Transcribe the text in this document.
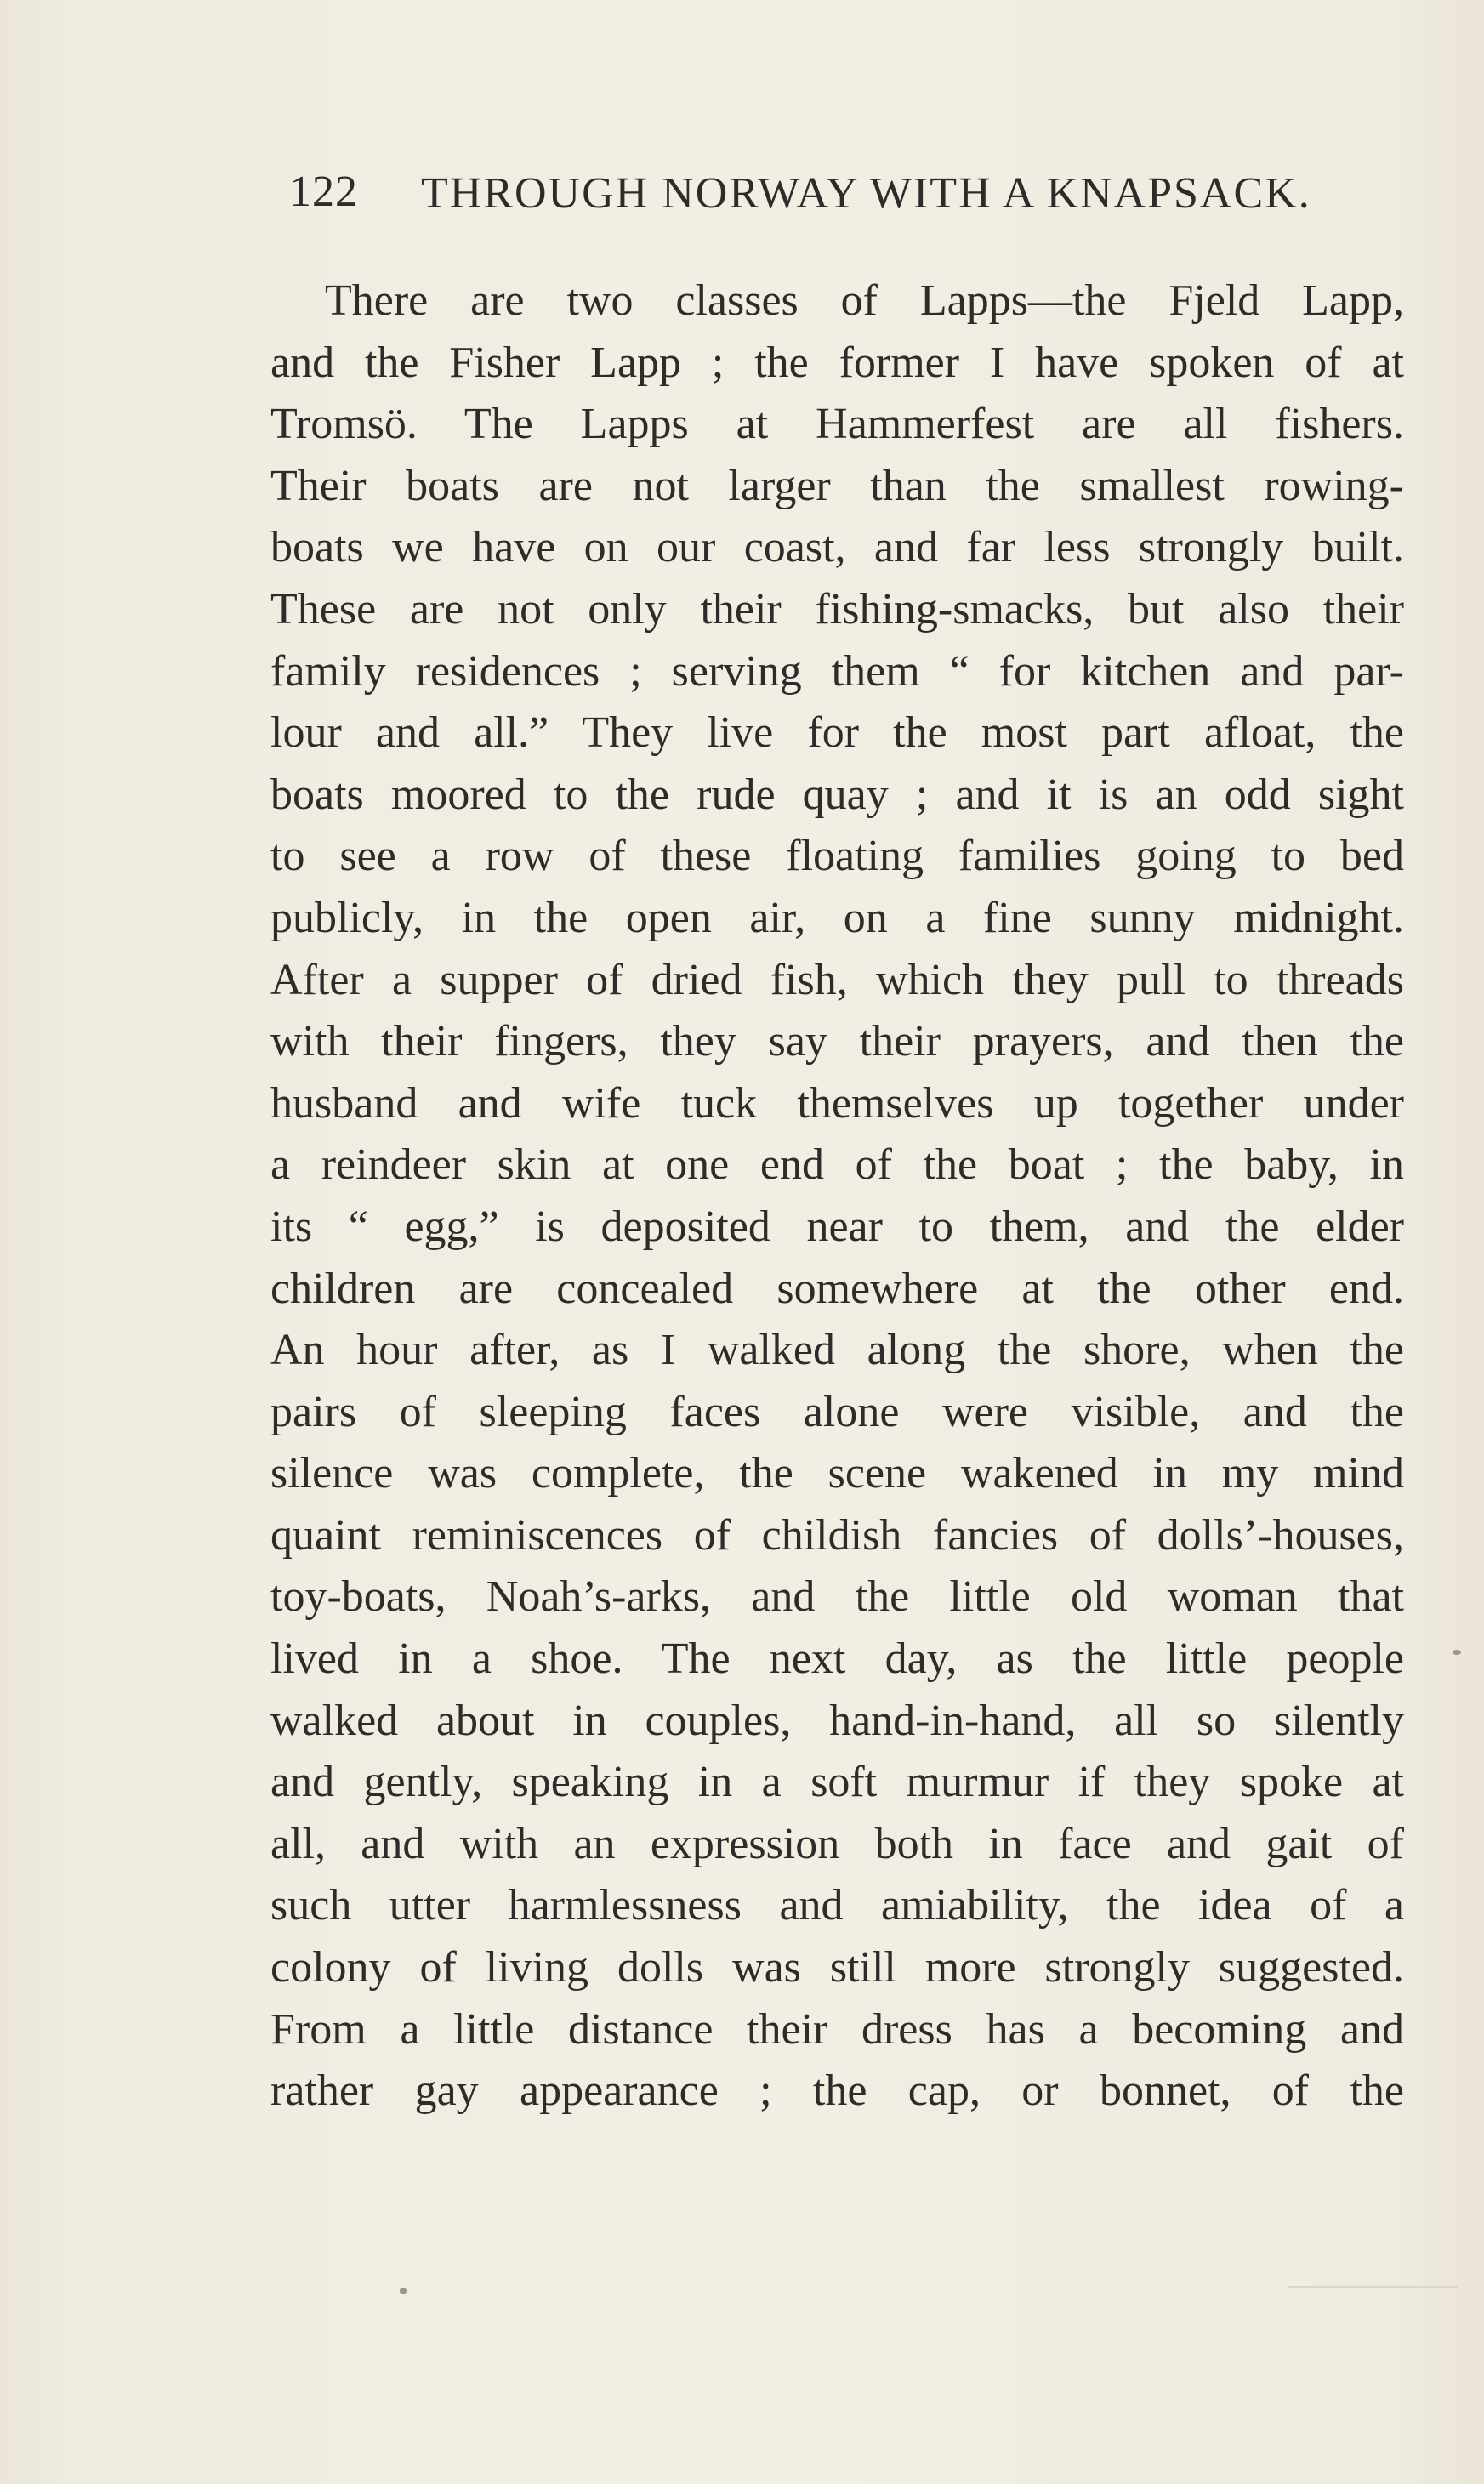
122 THROUGH NORWAY WITH A KNAPSACK.
There are two classes of Lapps—the Fjeld Lapp,
and the Fisher Lapp ; the former I have spoken of at
Tromsö. The Lapps at Hammerfest are all fishers.
Their boats are not larger than the smallest rowing-
boats we have on our coast, and far less strongly built.
These are not only their fishing-smacks, but also their
family residences ; serving them “ for kitchen and par-
lour and all.” They live for the most part afloat, the
boats moored to the rude quay ; and it is an odd sight
to see a row of these floating families going to bed
publicly, in the open air, on a fine sunny midnight.
After a supper of dried fish, which they pull to threads
with their fingers, they say their prayers, and then the
husband and wife tuck themselves up together under
a reindeer skin at one end of the boat ; the baby, in
its “ egg,” is deposited near to them, and the elder
children are concealed somewhere at the other end.
An hour after, as I walked along the shore, when the
pairs of sleeping faces alone were visible, and the
silence was complete, the scene wakened in my mind
quaint reminiscences of childish fancies of dolls’-houses,
toy-boats, Noah’s-arks, and the little old woman that
lived in a shoe. The next day, as the little people
walked about in couples, hand-in-hand, all so silently
and gently, speaking in a soft murmur if they spoke at
all, and with an expression both in face and gait of
such utter harmlessness and amiability, the idea of a
colony of living dolls was still more strongly suggested.
From a little distance their dress has a becoming and
rather gay appearance ; the cap, or bonnet, of the
